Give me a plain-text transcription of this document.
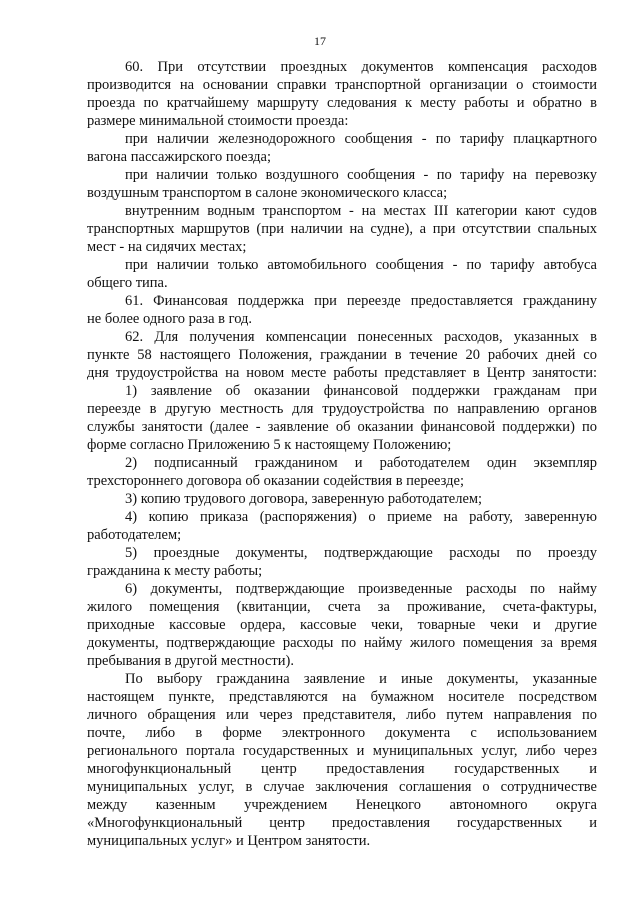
17
60. При отсутствии проездных документов компенсация расходов
производится на основании справки транспортной организации о стоимости
проезда по кратчайшему маршруту следования к месту работы и обратно в
размере минимальной стоимости проезда:
при наличии железнодорожного сообщения - по тарифу плацкартного
вагона пассажирского поезда;
при наличии только воздушного сообщения - по тарифу на перевозку
воздушным транспортом в салоне экономического класса;
внутренним водным транспортом - на местах III категории кают судов
транспортных маршрутов (при наличии на судне), а при отсутствии спальных
мест - на сидячих местах;
при наличии только автомобильного сообщения - по тарифу автобуса
общего типа.
61. Финансовая поддержка при переезде предоставляется гражданину
не более одного раза в год.
62. Для получения компенсации понесенных расходов, указанных в
пункте 58 настоящего Положения, граждании в течение 20 рабочих дней со
дня трудоустройства на новом месте работы представляет в Центр занятости:
1) заявление об оказании финансовой поддержки гражданам при
переезде в другую местность для трудоустройства по направлению органов
службы занятости (далее - заявление об оказании финансовой поддержки) по
форме согласно Приложению 5 к настоящему Положению;
2) подписанный гражданином и работодателем один экземпляр
трехстороннего договора об оказании содействия в переезде;
3) копию трудового договора, заверенную работодателем;
4) копию приказа (распоряжения) о приеме на работу, заверенную
работодателем;
5) проездные документы, подтверждающие расходы по проезду
гражданина к месту работы;
6) документы, подтверждающие произведенные расходы по найму
жилого помещения (квитанции, счета за проживание, счета-фактуры,
приходные кассовые ордера, кассовые чеки, товарные чеки и другие
документы, подтверждающие расходы по найму жилого помещения за время
пребывания в другой местности).
По выбору гражданина заявление и иные документы, указанные
настоящем пункте, представляются на бумажном носителе посредством
личного обращения или через представителя, либо путем направления по
почте, либо в форме электронного документа с использованием
регионального портала государственных и муниципальных услуг, либо через
многофункциональный центр предоставления государственных и
муниципальных услуг, в случае заключения соглашения о сотрудничестве
между казенным учреждением Ненецкого автономного округа
«Многофункциональный центр предоставления государственных и
муниципальных услуг» и Центром занятости.
